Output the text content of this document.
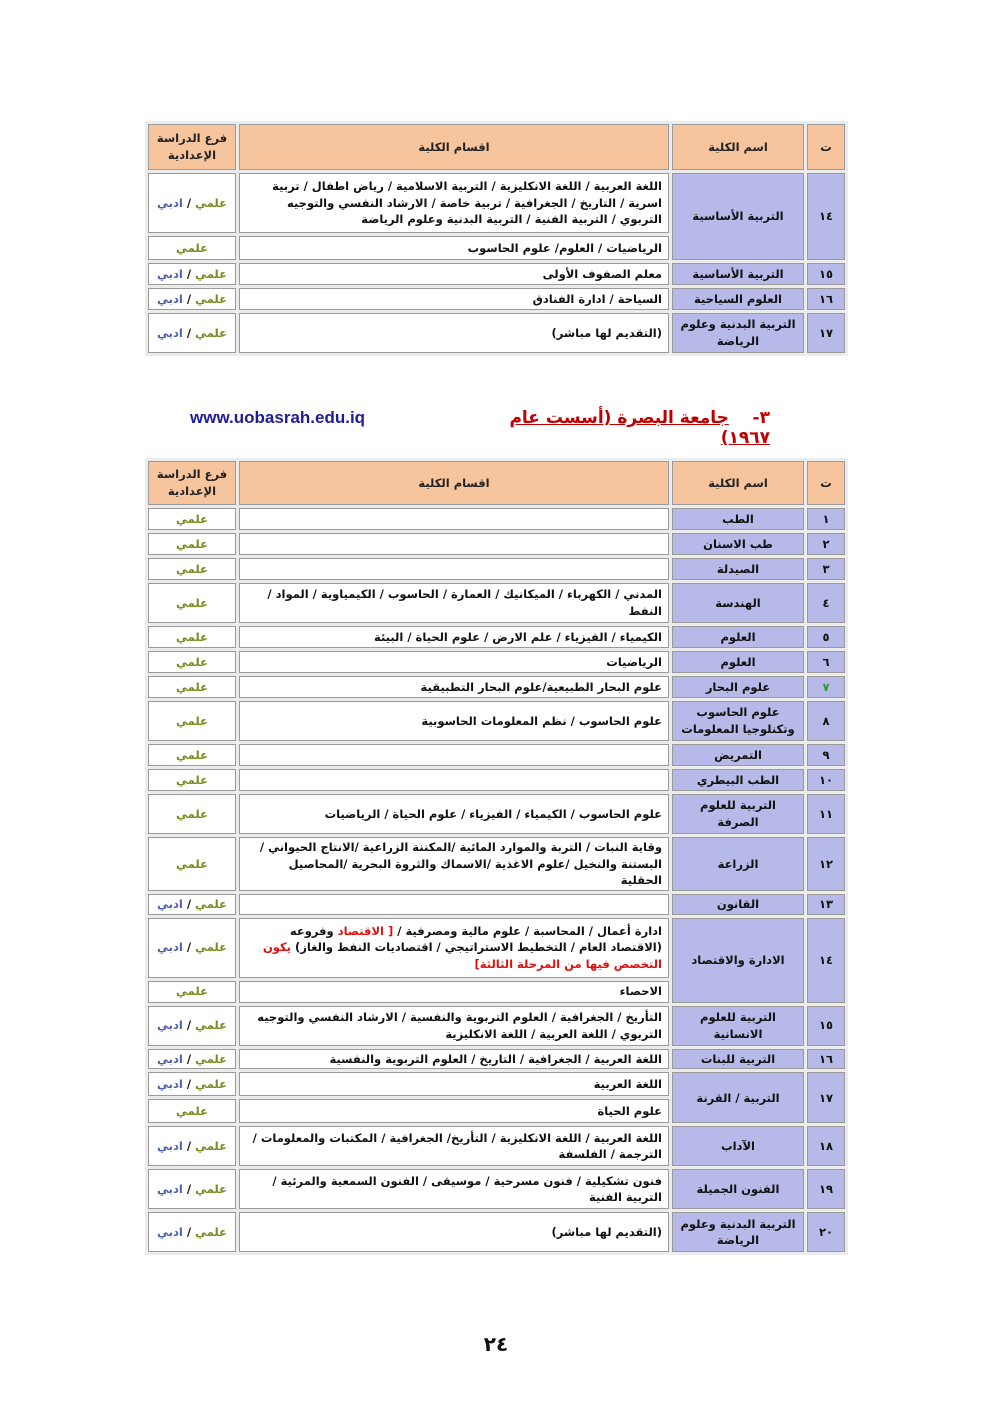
ت	اسم الكلية	اقسام الكلية	فرع الدراسة الإعدادية
١٤	التربية الأساسية	اللغة العربية / اللغة الانكليزية / التربية الاسلامية / رياض اطفال / تربية اسرية / التاريخ / الجغرافية / تربية خاصة / الارشاد النفسي والتوجيه التربوي / التربية الفنية / التربية البدنية وعلوم الرياضة	علمي / ادبي
		الرياضيات / العلوم/ علوم الحاسوب	علمي
١٥	التربية الأساسية	معلم الصفوف الأولى	علمي / ادبي
١٦	العلوم السياحية	السياحة / ادارة الفنادق	علمي / ادبي
١٧	التربية البدنية وعلوم الرياضة	(التقديم لها مباشر)	علمي / ادبي
٣-    جامعة البصرة (أسست عام ١٩٦٧)
www.uobasrah.edu.iq
ت	اسم الكلية	اقسام الكلية	فرع الدراسة الإعدادية
١	الطب		علمي
٢	طب الاسنان		علمي
٣	الصيدلة		علمي
٤	الهندسة	المدني / الكهرباء / الميكانيك / العمارة / الحاسوب / الكيمياوية / المواد / النفط	علمي
٥	العلوم	الكيمياء / الفيزياء / علم الارض / علوم الحياة / البيئة	علمي
٦	العلوم	الرياضيات	علمي
٧	علوم البحار	علوم البحار الطبيعية/علوم البحار التطبيقية	علمي
٨	علوم الحاسوب وتكنلوجيا المعلومات	علوم الحاسوب / نظم المعلومات الحاسوبية	علمي
٩	التمريض		علمي
١٠	الطب البيطري		علمي
١١	التربية للعلوم الصرفة	علوم الحاسوب / الكيمياء / الفيزياء / علوم الحياة / الرياضيات	علمي
١٢	الزراعة	وقاية النبات / التربة والموارد المائية /المكننة الزراعية /الانتاج الحيواني / البستنة والنخيل /علوم الاغذية /الاسماك والثروة البحرية /المحاصيل الحقلية	علمي
١٣	القانون		علمي / ادبي
١٤	الادارة والاقتصاد	ادارة أعمال / المحاسبة / علوم مالية ومصرفية / [ الاقتصاد وفروعه (الاقتصاد العام / التخطيط الاستراتيجي / اقتصاديات النفط والغاز) يكون التخصص فيها من المرحلة الثالثة]	علمي / ادبي
		الاحصاء	علمي
١٥	التربية للعلوم الانسانية	التأريخ / الجغرافية / العلوم التربوية والنفسية / الارشاد النفسي والتوجيه التربوي / اللغة العربية / اللغة الانكليزية	علمي / ادبي
١٦	التربية للبنات	اللغة العربية / الجغرافية / التاريخ / العلوم التربوية والنفسية	علمي / ادبي
١٧	التربية / القرنة	اللغة العربية	علمي / ادبي
		علوم الحياة	علمي
١٨	الآداب	اللغة العربية / اللغة الانكليزية / التأريخ/ الجغرافية / المكتبات والمعلومات / الترجمة / الفلسفة	علمي / ادبي
١٩	الفنون الجميلة	فنون تشكيلية / فنون مسرحية / موسيقى / الفنون السمعية والمرئية / التربية الفنية	علمي / ادبي
٢٠	التربية البدنية وعلوم الرياضة	(التقديم لها مباشر)	علمي / ادبي
٢٤
